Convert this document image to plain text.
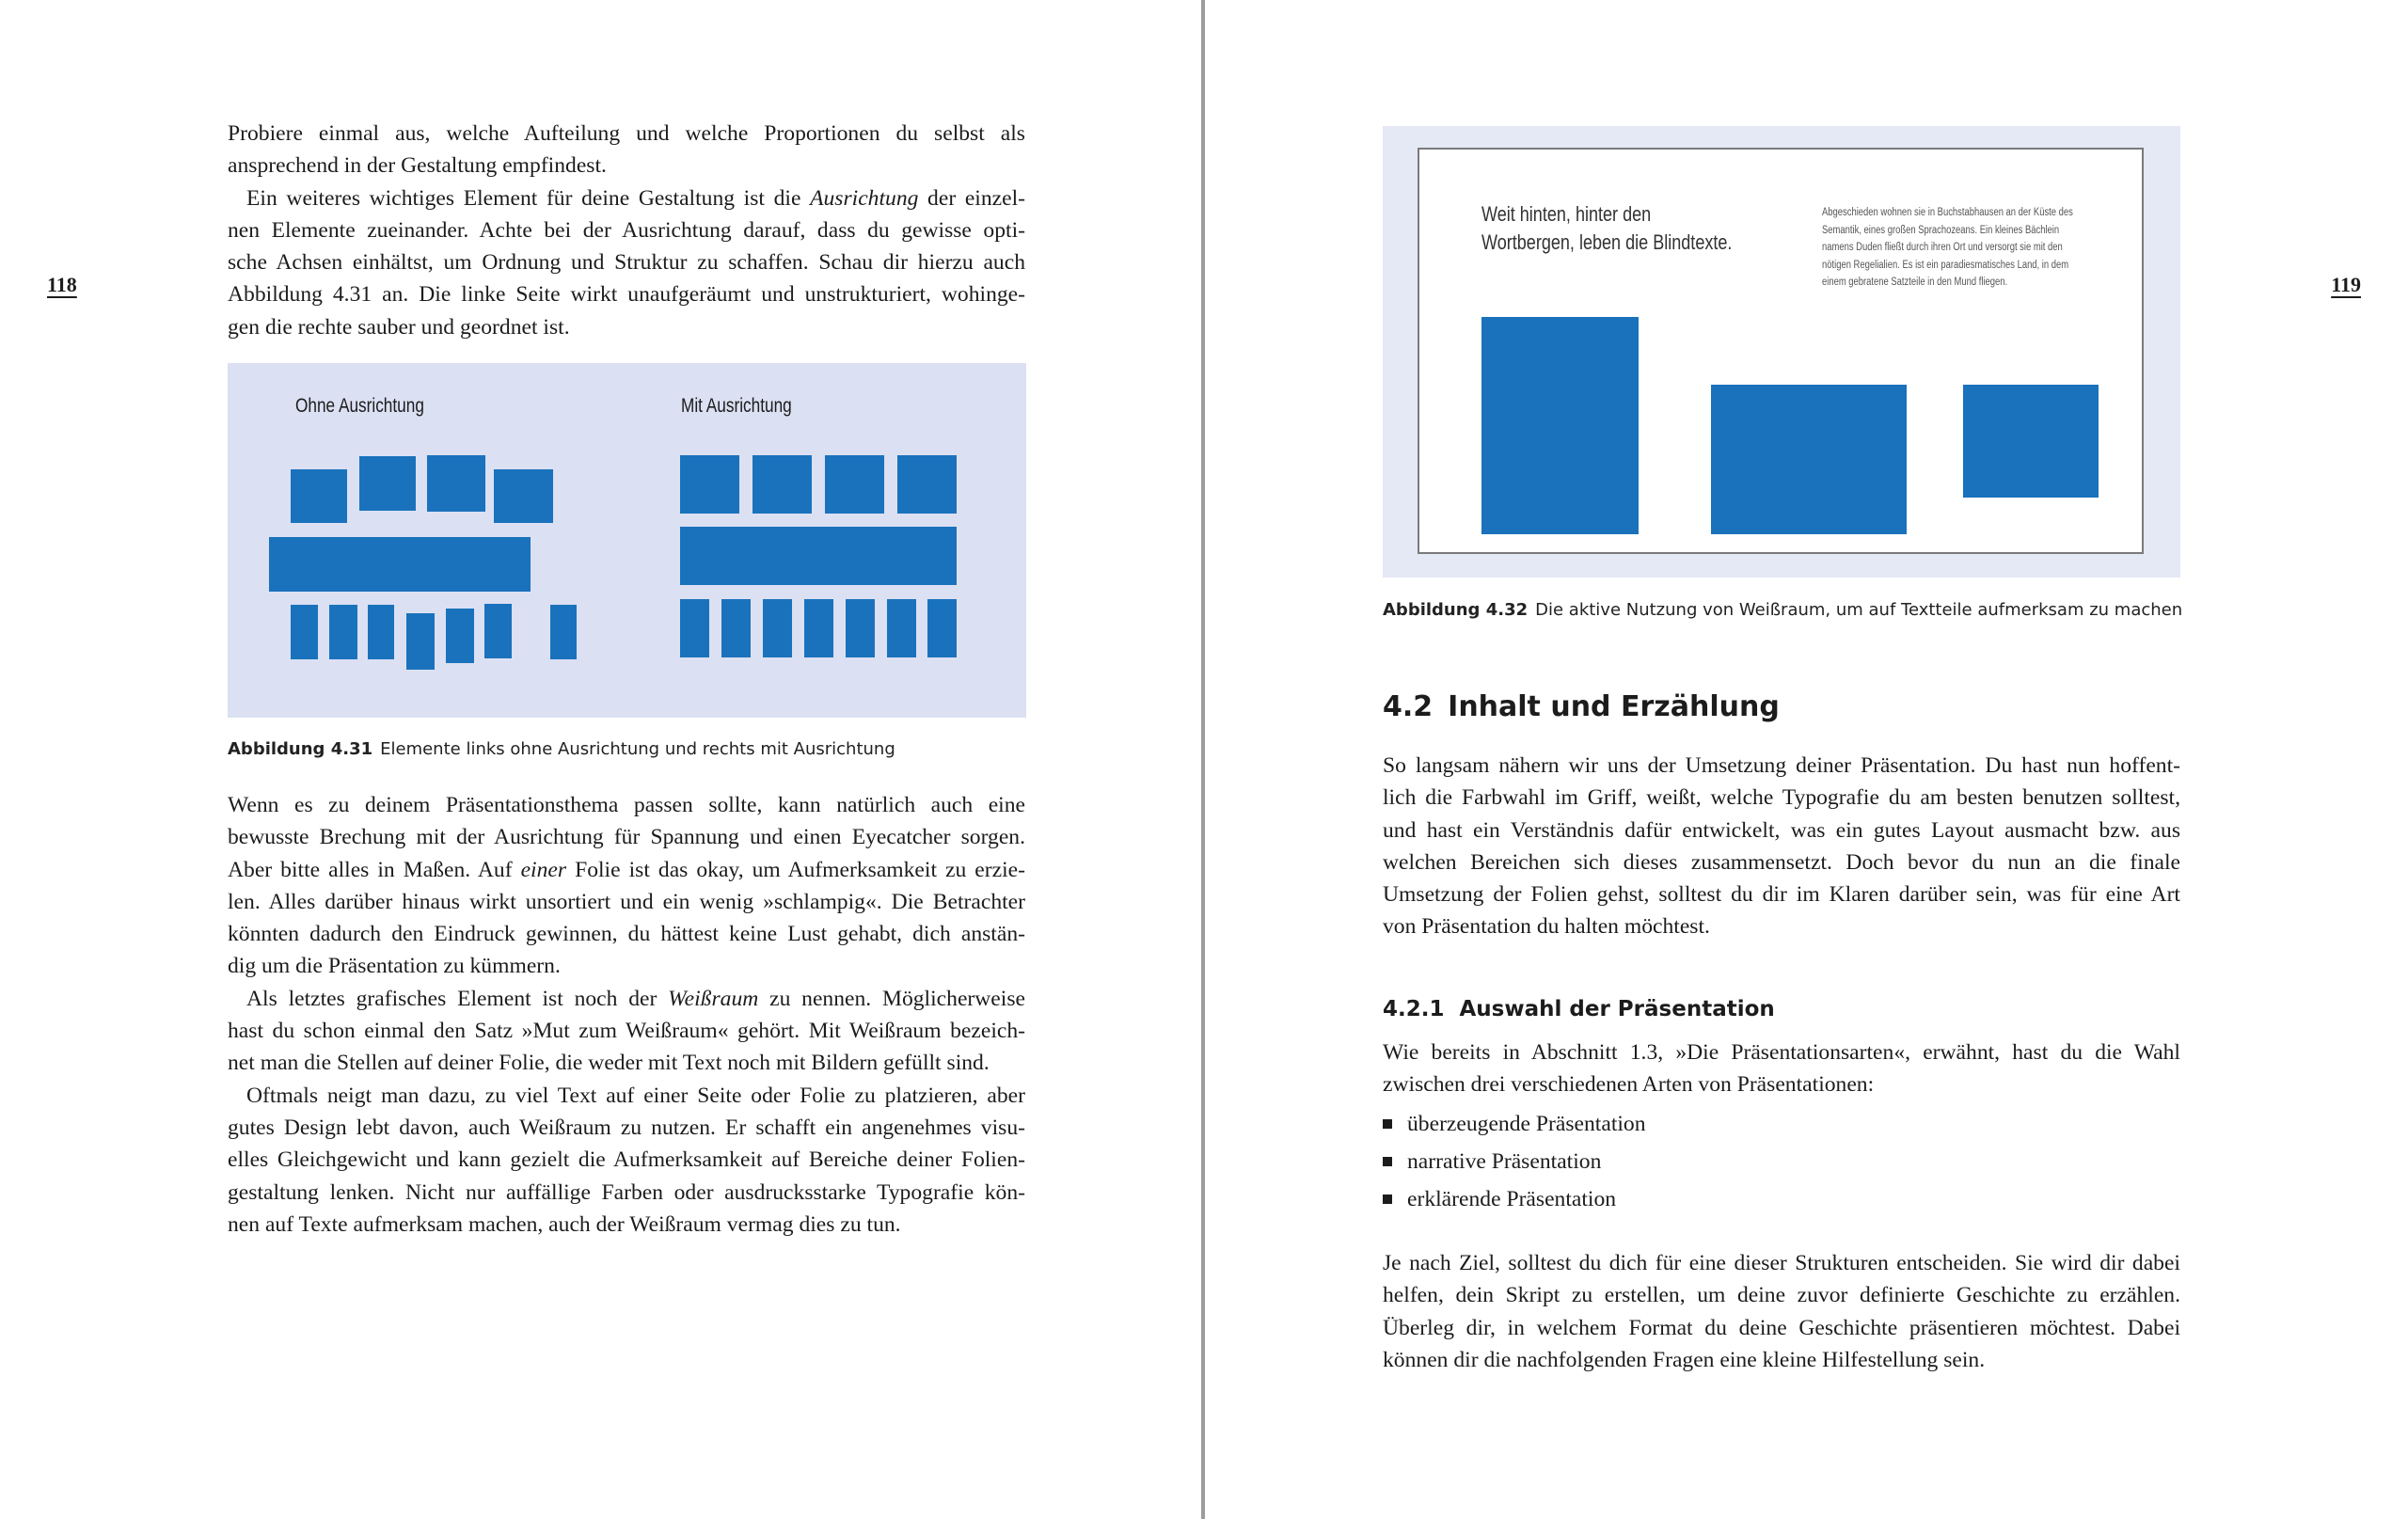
118

Probiere einmal aus, welche Aufteilung und welche Proportionen du selbst als
ansprechend in der Gestaltung empfindest.

Ein weiteres wichtiges Element für deine Gestaltung ist die Ausrichtung der einzel-
nen Elemente zueinander. Achte bei der Ausrichtung darauf, dass du gewisse opti-
sche Achsen einhältst, um Ordnung und Struktur zu schaffen. Schau dir hierzu auch
Abbildung 4.31 an. Die linke Seite wirkt unaufgeräumt und unstrukturiert, wohinge-
gen die rechte sauber und geordnet ist.

Ohne Ausrichtung	Mit Ausrichtung
Abbildung 4.31 Elemente links ohne Ausrichtung und rechts mit Ausrichtung

Wenn es zu deinem Präsentationsthema passen sollte, kann natürlich auch eine
bewusste Brechung mit der Ausrichtung für Spannung und einen Eyecatcher sorgen.
Aber bitte alles in Maßen. Auf einer Folie ist das okay, um Aufmerksamkeit zu erzie-
len. Alles darüber hinaus wirkt unsortiert und ein wenig »schlampig«. Die Betrachter
könnten dadurch den Eindruck gewinnen, du hättest keine Lust gehabt, dich anstän-
dig um die Präsentation zu kümmern.

Als letztes grafisches Element ist noch der Weißraum zu nennen. Möglicherweise
hast du schon einmal den Satz »Mut zum Weißraum« gehört. Mit Weißraum bezeich-
net man die Stellen auf deiner Folie, die weder mit Text noch mit Bildern gefüllt sind.

Oftmals neigt man dazu, zu viel Text auf einer Seite oder Folie zu platzieren, aber
gutes Design lebt davon, auch Weißraum zu nutzen. Er schafft ein angenehmes visu-
elles Gleichgewicht und kann gezielt die Aufmerksamkeit auf Bereiche deiner Folien-
gestaltung lenken. Nicht nur auffällige Farben oder ausdrucksstarke Typografie kön-
nen auf Texte aufmerksam machen, auch der Weißraum vermag dies zu tun.

119
Weit hinten, hinter den
Wortbergen, leben die Blindtexte.
Abgeschieden wohnen sie in Buchstabhausen an der Küste des
Semantik, eines großen Sprachozeans. Ein kleines Bächlein
namens Duden fließt durch ihren Ort und versorgt sie mit den
nötigen Regelialien. Es ist ein paradiesmatisches Land, in dem
einem gebratene Satzteile in den Mund fliegen.
Abbildung 4.32 Die aktive Nutzung von Weißraum, um auf Textteile aufmerksam zu machen
4.2 Inhalt und Erzählung

So langsam nähern wir uns der Umsetzung deiner Präsentation. Du hast nun hoffent-
lich die Farbwahl im Griff, weißt, welche Typografie du am besten benutzen solltest,
und hast ein Verständnis dafür entwickelt, was ein gutes Layout ausmacht bzw. aus
welchen Bereichen sich dieses zusammensetzt. Doch bevor du nun an die finale
Umsetzung der Folien gehst, solltest du dir im Klaren darüber sein, was für eine Art
von Präsentation du halten möchtest.

4.2.1 Auswahl der Präsentation

Wie bereits in Abschnitt 1.3, »Die Präsentationsarten«, erwähnt, hast du die Wahl
zwischen drei verschiedenen Arten von Präsentationen:

überzeugende Präsentation
narrative Präsentation
erklärende Präsentation

Je nach Ziel, solltest du dich für eine dieser Strukturen entscheiden. Sie wird dir dabei
helfen, dein Skript zu erstellen, um deine zuvor definierte Geschichte zu erzählen.
Überleg dir, in welchem Format du deine Geschichte präsentieren möchtest. Dabei
können dir die nachfolgenden Fragen eine kleine Hilfestellung sein.
